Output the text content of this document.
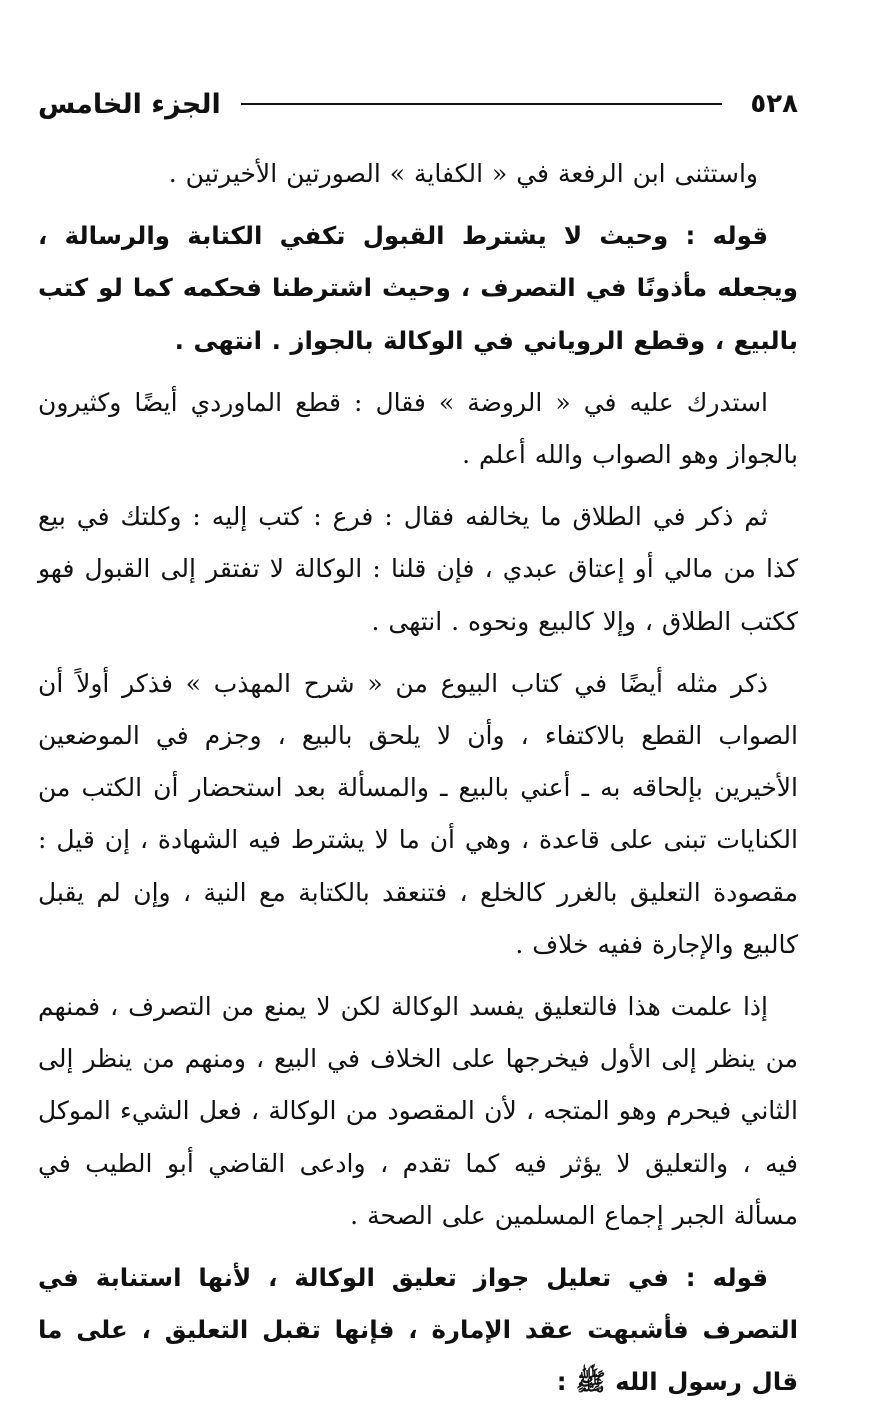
٥٢٨
الجزء الخامس

واستثنى ابن الرفعة في « الكفاية » الصورتين الأخيرتين .

قوله : وحيث لا يشترط القبول تكفي الكتابة والرسالة ، ويجعله مأذونًا في التصرف ، وحيث اشترطنا فحكمه كما لو كتب بالبيع ، وقطع الروياني في الوكالة بالجواز . انتهى .

استدرك عليه في « الروضة » فقال : قطع الماوردي أيضًا وكثيرون بالجواز وهو الصواب والله أعلم .

ثم ذكر في الطلاق ما يخالفه فقال : فرع : كتب إليه : وكلتك في بيع كذا من مالي أو إعتاق عبدي ، فإن قلنا : الوكالة لا تفتقر إلى القبول فهو ككتب الطلاق ، وإلا كالبيع ونحوه . انتهى .

ذكر مثله أيضًا في كتاب البيوع من « شرح المهذب » فذكر أولاً أن الصواب القطع بالاكتفاء ، وأن لا يلحق بالبيع ، وجزم في الموضعين الأخيرين بإلحاقه به ـ أعني بالبيع ـ والمسألة بعد استحضار أن الكتب من الكنايات تبنى على قاعدة ، وهي أن ما لا يشترط فيه الشهادة ، إن قيل : مقصودة التعليق بالغرر كالخلع ، فتنعقد بالكتابة مع النية ، وإن لم يقبل كالبيع والإجارة ففيه خلاف .

إذا علمت هذا فالتعليق يفسد الوكالة لكن لا يمنع من التصرف ، فمنهم من ينظر إلى الأول فيخرجها على الخلاف في البيع ، ومنهم من ينظر إلى الثاني فيحرم وهو المتجه ، لأن المقصود من الوكالة ، فعل الشيء الموكل فيه ، والتعليق لا يؤثر فيه كما تقدم ، وادعى القاضي أبو الطيب في مسألة الجبر إجماع المسلمين على الصحة .

قوله : في تعليل جواز تعليق الوكالة ، لأنها استنابة في التصرف فأشبهت عقد الإمارة ، فإنها تقبل التعليق ، على ما قال رسول الله ﷺ :
